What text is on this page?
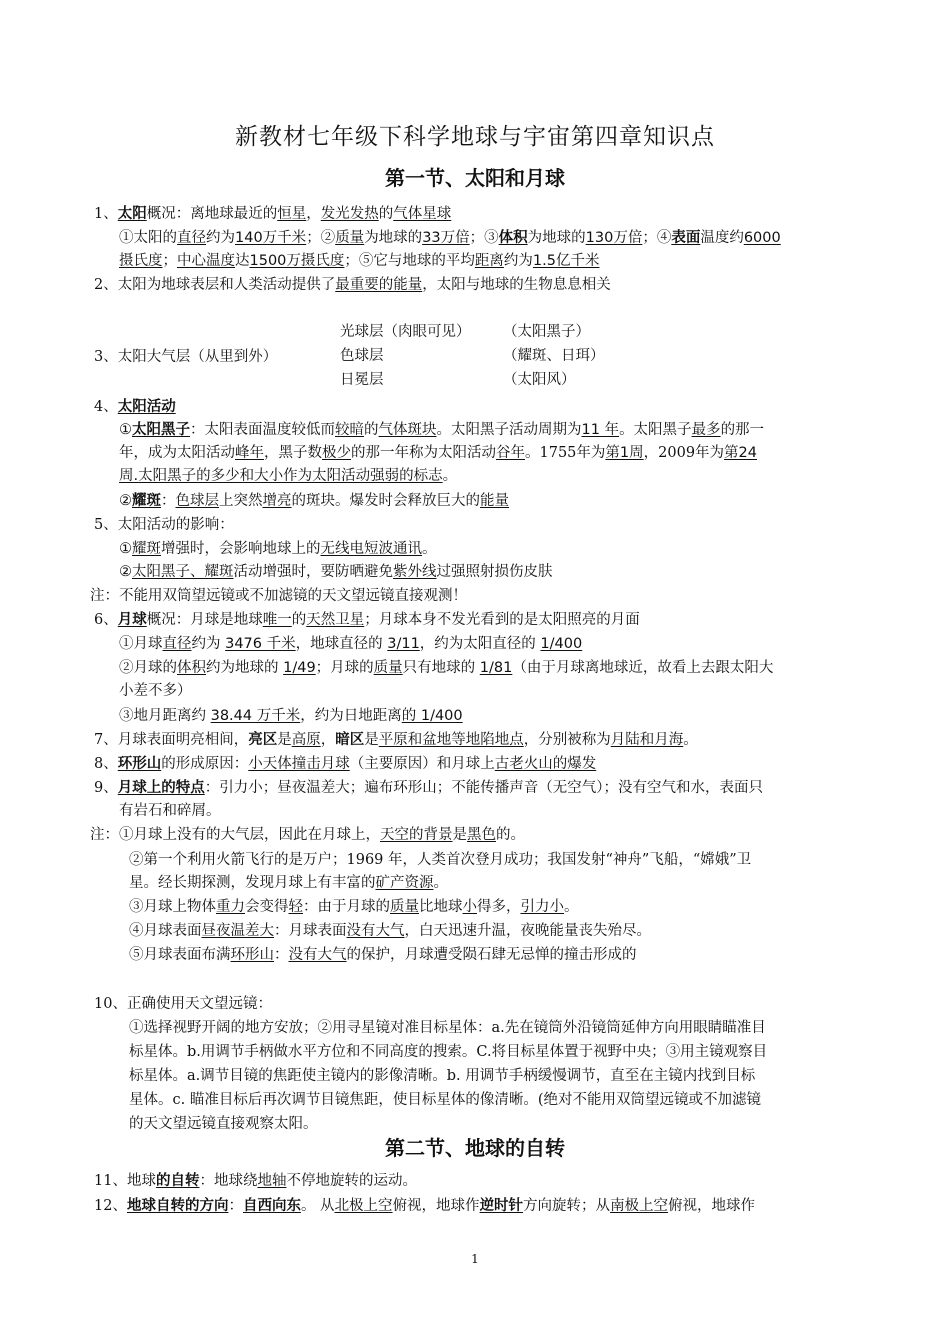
新教材七年级下科学地球与宇宙第四章知识点
第一节、太阳和月球
1、太阳概况：离地球最近的恒星，发光发热的气体星球
①太阳的直径约为140万千米；②质量为地球的33万倍；③体积为地球的130万倍；④表面温度约6000
摄氏度；中心温度达1500万摄氏度；⑤它与地球的平均距离约为1.5亿千米
2、太阳为地球表层和人类活动提供了最重要的能量，太阳与地球的生物息息相关
光球层（肉眼可见）
色球层
日冕层
（太阳黑子）
（耀斑、日珥）
（太阳风）
3、太阳大气层（从里到外）
4、太阳活动
①太阳黑子：太阳表面温度较低而较暗的气体斑块。太阳黑子活动周期为11 年。太阳黑子最多的那一
年，成为太阳活动峰年，黑子数极少的那一年称为太阳活动谷年。1755年为第1周，2009年为第24
周.太阳黑子的多少和大小作为太阳活动强弱的标志。
②耀斑：色球层上突然增亮的斑块。爆发时会释放巨大的能量
5、太阳活动的影响：
①耀斑增强时，会影响地球上的无线电短波通讯。
②太阳黑子、耀斑活动增强时，要防晒避免紫外线过强照射损伤皮肤
注：不能用双筒望远镜或不加滤镜的天文望远镜直接观测！
6、月球概况：月球是地球唯一的天然卫星；月球本身不发光看到的是太阳照亮的月面
①月球直径约为 3476 千米，地球直径的 3/11，约为太阳直径的 1/400
②月球的体积约为地球的 1/49；月球的质量只有地球的 1/81（由于月球离地球近，故看上去跟太阳大
小差不多）
③地月距离约 38.44 万千米，约为日地距离的 1/400
7、月球表面明亮相间，亮区是高原，暗区是平原和盆地等地陷地点，分别被称为月陆和月海。
8、环形山的形成原因：小天体撞击月球（主要原因）和月球上古老火山的爆发
9、月球上的特点：引力小；昼夜温差大；遍布环形山；不能传播声音（无空气）；没有空气和水，表面只
有岩石和碎屑。
注：①月球上没有的大气层，因此在月球上，天空的背景是黑色的。
②第一个利用火箭飞行的是万户；1969 年，人类首次登月成功；我国发射“神舟”飞船，“嫦娥”卫
星。经长期探测，发现月球上有丰富的矿产资源。
③月球上物体重力会变得轻：由于月球的质量比地球小得多，引力小。
④月球表面昼夜温差大：月球表面没有大气，白天迅速升温，夜晚能量丧失殆尽。
⑤月球表面布满环形山：没有大气的保护，月球遭受陨石肆无忌惮的撞击形成的
10、正确使用天文望远镜：
①选择视野开阔的地方安放；②用寻星镜对准目标星体：a.先在镜筒外沿镜筒延伸方向用眼睛瞄准目
标星体。b.用调节手柄做水平方位和不同高度的搜索。C.将目标星体置于视野中央；③用主镜观察目
标星体。a.调节目镜的焦距使主镜内的影像清晰。b. 用调节手柄缓慢调节，直至在主镜内找到目标
星体。c. 瞄准目标后再次调节目镜焦距，使目标星体的像清晰。(绝对不能用双筒望远镜或不加滤镜
的天文望远镜直接观察太阳。
第二节、地球的自转
11、地球的自转：地球绕地轴不停地旋转的运动。
12、地球自转的方向：自西向东。 从北极上空俯视，地球作逆时针方向旋转；从南极上空俯视，地球作
1
